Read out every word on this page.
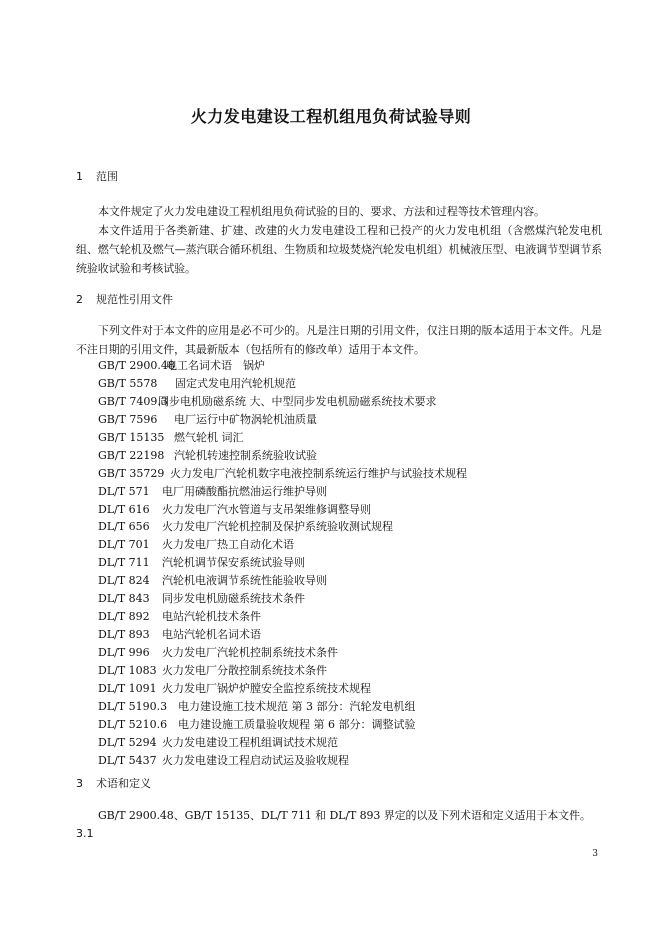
火力发电建设工程机组甩负荷试验导则
1 范围
本文件规定了火力发电建设工程机组甩负荷试验的目的、要求、方法和过程等技术管理内容。
本文件适用于各类新建、扩建、改建的火力发电建设工程和已投产的火力发电机组（含燃煤汽轮发电机组、燃气轮机及燃气—蒸汽联合循环机组、生物质和垃圾焚烧汽轮发电机组）机械液压型、电液调节型调节系统验收试验和考核试验。
2 规范性引用文件
下列文件对于本文件的应用是必不可少的。凡是注日期的引用文件，仅注日期的版本适用于本文件。凡是不注日期的引用文件，其最新版本（包括所有的修改单）适用于本文件。
GB/T 2900.48电工名词术语　锅炉
GB/T 5578 固定式发电用汽轮机规范
GB/T 7409.3同步电机励磁系统 大、中型同步发电机励磁系统技术要求
GB/T 7596 电厂运行中矿物涡轮机油质量
GB/T 15135 燃气轮机 词汇
GB/T 22198 汽轮机转速控制系统验收试验
GB/T 35729 火力发电厂汽轮机数字电液控制系统运行维护与试验技术规程
DL/T 571 电厂用磷酸酯抗燃油运行维护导则
DL/T 616 火力发电厂汽水管道与支吊架维修调整导则
DL/T 656 火力发电厂汽轮机控制及保护系统验收测试规程
DL/T 701 火力发电厂热工自动化术语
DL/T 711 汽轮机调节保安系统试验导则
DL/T 824 汽轮机电液调节系统性能验收导则
DL/T 843 同步发电机励磁系统技术条件
DL/T 892 电站汽轮机技术条件
DL/T 893 电站汽轮机名词术语
DL/T 996 火力发电厂汽轮机控制系统技术条件
DL/T 1083 火力发电厂分散控制系统技术条件
DL/T 1091 火力发电厂锅炉炉膛安全监控系统技术规程
DL/T 5190.3 电力建设施工技术规范 第 3 部分：汽轮发电机组
DL/T 5210.6 电力建设施工质量验收规程 第 6 部分：调整试验
DL/T 5294 火力发电建设工程机组调试技术规范
DL/T 5437 火力发电建设工程启动试运及验收规程
3 术语和定义
GB/T 2900.48、GB/T 15135、DL/T 711 和 DL/T 893 界定的以及下列术语和定义适用于本文件。
3.1
3
